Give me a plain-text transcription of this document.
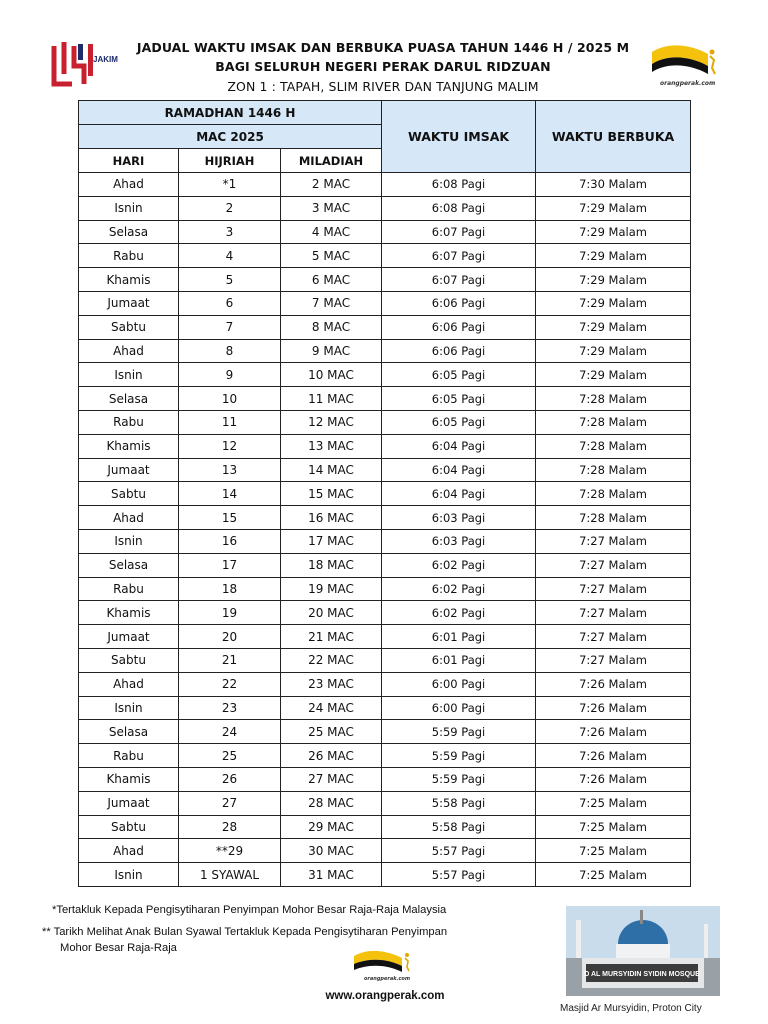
JAKIM
JADUAL WAKTU IMSAK DAN BERBUKA PUASA TAHUN 1446 H / 2025 M
BAGI SELURUH NEGERI PERAK DARUL RIDZUAN
ZON 1 : TAPAH, SLIM RIVER DAN TANJUNG MALIM	orangperak.com
RAMADHAN 1446 H			WAKTU IMSAK	WAKTU BERBUKA
MAC 2025				
HARI	HIJRIAH	MILADIAH		
Ahad	*1	2 MAC	6:08 Pagi	7:30 Malam
Isnin	2	3 MAC	6:08 Pagi	7:29 Malam
Selasa	3	4 MAC	6:07 Pagi	7:29 Malam
Rabu	4	5 MAC	6:07 Pagi	7:29 Malam
Khamis	5	6 MAC	6:07 Pagi	7:29 Malam
Jumaat	6	7 MAC	6:06 Pagi	7:29 Malam
Sabtu	7	8 MAC	6:06 Pagi	7:29 Malam
Ahad	8	9 MAC	6:06 Pagi	7:29 Malam
Isnin	9	10 MAC	6:05 Pagi	7:29 Malam
Selasa	10	11 MAC	6:05 Pagi	7:28 Malam
Rabu	11	12 MAC	6:05 Pagi	7:28 Malam
Khamis	12	13 MAC	6:04 Pagi	7:28 Malam
Jumaat	13	14 MAC	6:04 Pagi	7:28 Malam
Sabtu	14	15 MAC	6:04 Pagi	7:28 Malam
Ahad	15	16 MAC	6:03 Pagi	7:28 Malam
Isnin	16	17 MAC	6:03 Pagi	7:27 Malam
Selasa	17	18 MAC	6:02 Pagi	7:27 Malam
Rabu	18	19 MAC	6:02 Pagi	7:27 Malam
Khamis	19	20 MAC	6:02 Pagi	7:27 Malam
Jumaat	20	21 MAC	6:01 Pagi	7:27 Malam
Sabtu	21	22 MAC	6:01 Pagi	7:27 Malam
Ahad	22	23 MAC	6:00 Pagi	7:26 Malam
Isnin	23	24 MAC	6:00 Pagi	7:26 Malam
Selasa	24	25 MAC	5:59 Pagi	7:26 Malam
Rabu	25	26 MAC	5:59 Pagi	7:26 Malam
Khamis	26	27 MAC	5:59 Pagi	7:26 Malam
Jumaat	27	28 MAC	5:58 Pagi	7:25 Malam
Sabtu	28	29 MAC	5:58 Pagi	7:25 Malam
Ahad	**29	30 MAC	5:57 Pagi	7:25 Malam
Isnin	1 SYAWAL	31 MAC	5:57 Pagi	7:25 Malam
*Tertakluk Kepada Pengisytiharan Penyimpan Mohor Besar Raja-Raja Malaysia
** Tarikh Melihat Anak Bulan Syawal Tertakluk Kepada Pengisytiharan Penyimpan
Mohor Besar Raja-Raja
orangperak.com
www.orangperak.com
D AL MURSYIDIN SYIDIN MOSQUE
Masjid Ar Mursyidin, Proton City
